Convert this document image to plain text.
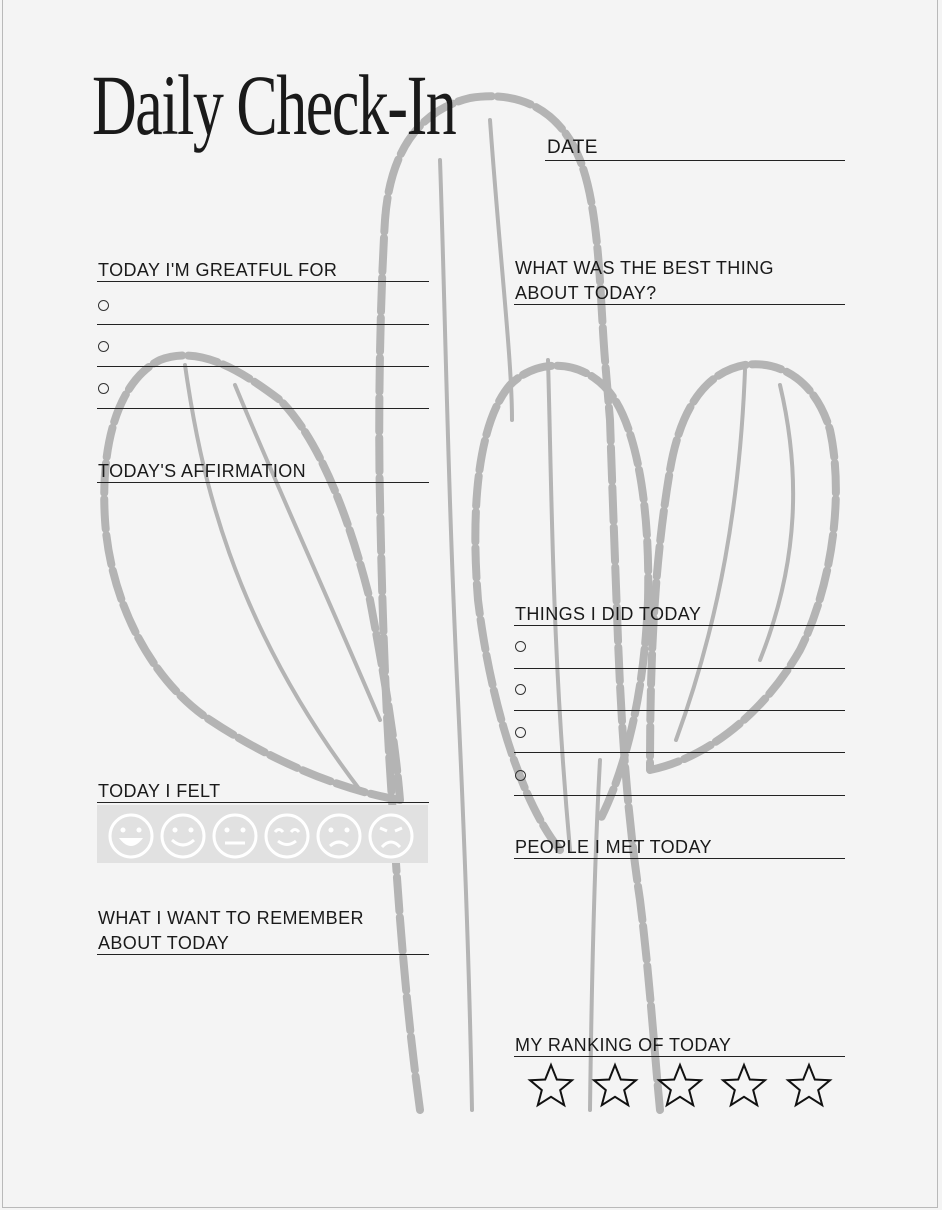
Daily Check-In	DATE
TODAY I'M GREATFUL FOR
TODAY'S AFFIRMATION
TODAY I FELT
WHAT I WANT TO REMEMBER
ABOUT TODAY
WHAT WAS THE BEST THING
ABOUT TODAY?
THINGS I DID TODAY
PEOPLE I MET TODAY
MY RANKING OF TODAY
